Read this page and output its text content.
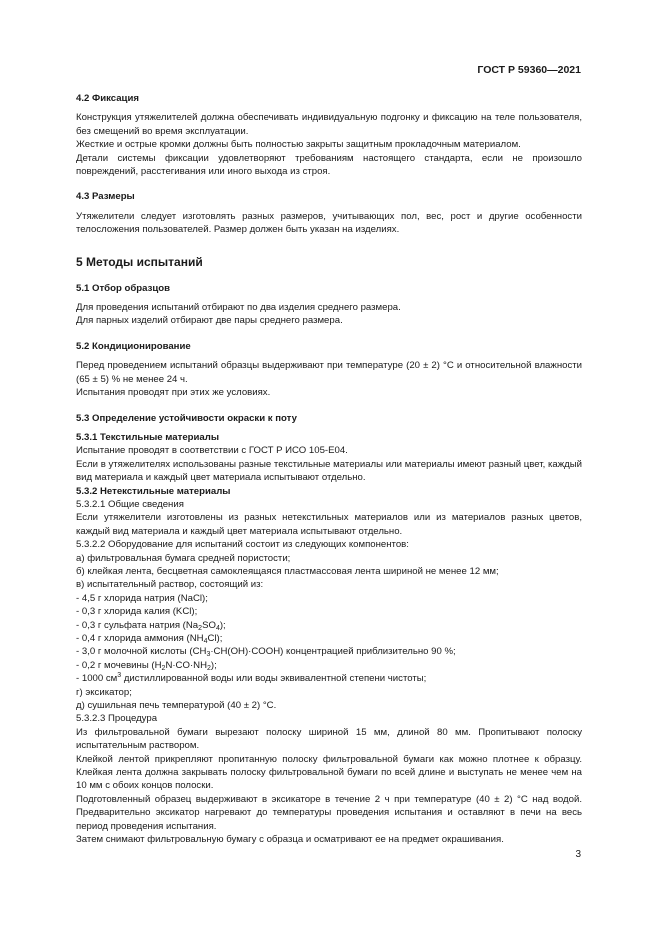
ГОСТ Р 59360—2021
4.2 Фиксация

Конструкция утяжелителей должна обеспечивать индивидуальную подгонку и фиксацию на теле пользователя, без смещений во время эксплуатации.

Жесткие и острые кромки должны быть полностью закрыты защитным прокладочным материалом.

Детали системы фиксации удовлетворяют требованиям настоящего стандарта, если не произошло повреждений, расстегивания или иного выхода из строя.

4.3 Размеры

Утяжелители следует изготовлять разных размеров, учитывающих пол, вес, рост и другие особенности телосложения пользователей. Размер должен быть указан на изделиях.

5 Методы испытаний
5.1 Отбор образцов

Для проведения испытаний отбирают по два изделия среднего размера.

Для парных изделий отбирают две пары среднего размера.

5.2 Кондиционирование

Перед проведением испытаний образцы выдерживают при температуре (20 ± 2) °С и относительной влажности (65 ± 5) % не менее 24 ч.

Испытания проводят при этих же условиях.

5.3 Определение устойчивости окраски к поту
5.3.1 Текстильные материалы

Испытание проводят в соответствии с ГОСТ Р ИСО 105-Е04.

Если в утяжелителях использованы разные текстильные материалы или материалы имеют разный цвет, каждый вид материала и каждый цвет материала испытывают отдельно.

5.3.2 Нетекстильные материалы

5.3.2.1 Общие сведения

Если утяжелители изготовлены из разных нетекстильных материалов или из материалов разных цветов, каждый вид материала и каждый цвет материала испытывают отдельно.

5.3.2.2 Оборудование для испытаний состоит из следующих компонентов:

а) фильтровальная бумага средней пористости;

б) клейкая лента, бесцветная самоклеящаяся пластмассовая лента шириной не менее 12 мм;

в) испытательный раствор, состоящий из:

- 4,5 г хлорида натрия (NaCl);

- 0,3 г хлорида калия (KCl);

- 0,3 г сульфата натрия $(Na_2SO_4)$;

- 0,4 г хлорида аммония $(NH_4Cl)$;

- 3,0 г молочной кислоты $(CH_3\cdot CH(OH)\cdot COOH)$ концентрацией приблизительно 90 %;

- 0,2 г мочевины $(H_2N\cdot CO\cdot NH_2)$;

- 1000 $см^3$ дистиллированной воды или воды эквивалентной степени чистоты;

г) эксикатор;

д) сушильная печь температурой (40 ± 2) °С.

5.3.2.3 Процедура

Из фильтровальной бумаги вырезают полоску шириной 15 мм, длиной 80 мм. Пропитывают полоску испытательным раствором.

Клейкой лентой прикрепляют пропитанную полоску фильтровальной бумаги как можно плотнее к образцу. Клейкая лента должна закрывать полоску фильтровальной бумаги по всей длине и выступать не менее чем на 10 мм с обоих концов полоски.

Подготовленный образец выдерживают в эксикаторе в течение 2 ч при температуре (40 ± 2) °С над водой. Предварительно эксикатор нагревают до температуры проведения испытания и оставляют в печи на весь период проведения испытания.

Затем снимают фильтровальную бумагу с образца и осматривают ее на предмет окрашивания.

3
